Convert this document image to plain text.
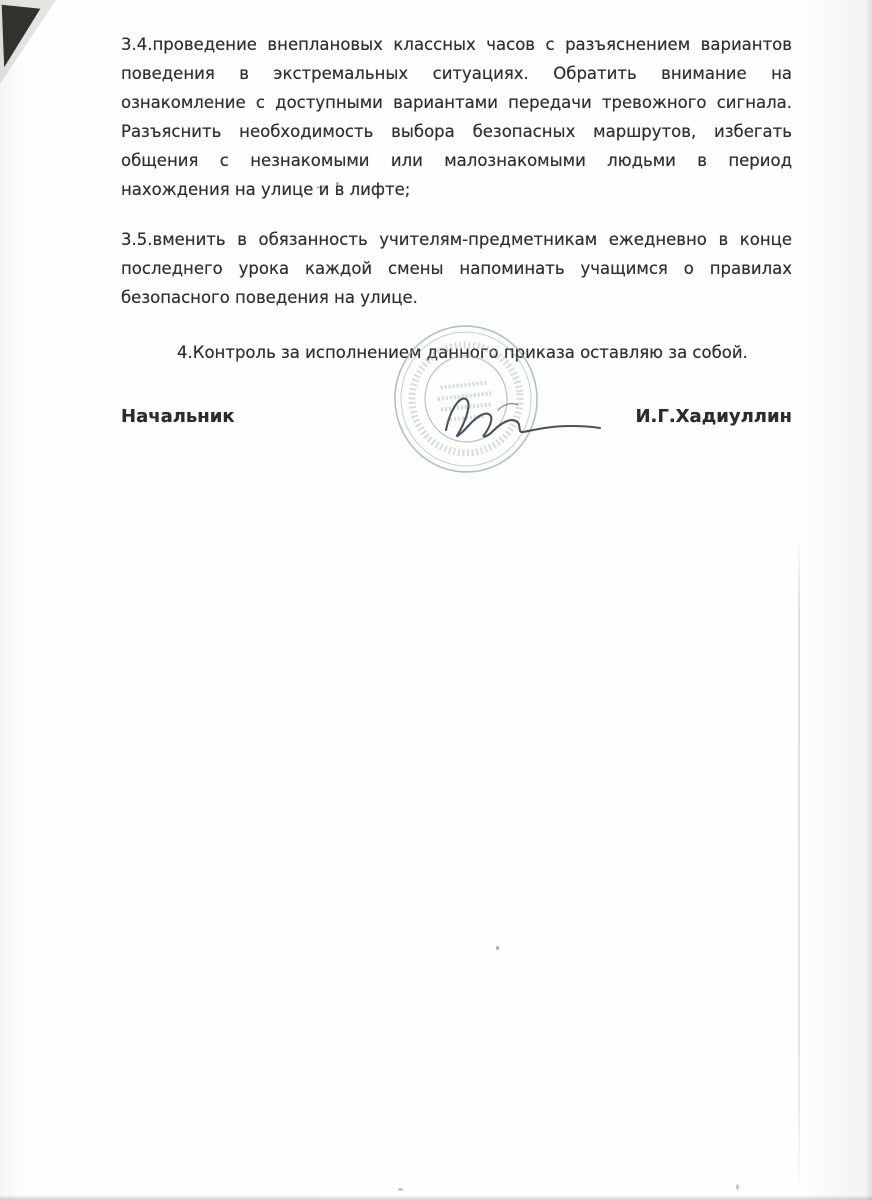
3.4.проведение внеплановых классных часов с разъяснением вариантов поведения в экстремальных ситуациях. Обратить внимание на ознакомление с доступными вариантами передачи тревожного сигнала. Разъяснить необходимость выбора безопасных маршрутов, избегать общения с незнакомыми или малознакомыми людьми в период нахождения на улице и в лифте;

3.5.вменить в обязанность учителям-предметникам ежедневно в конце последнего урока каждой смены напоминать учащимся о правилах безопасного поведения на улице.

4.Контроль за исполнением данного приказа оставляю за собой.

Начальник	И.Г.Хадиуллин
